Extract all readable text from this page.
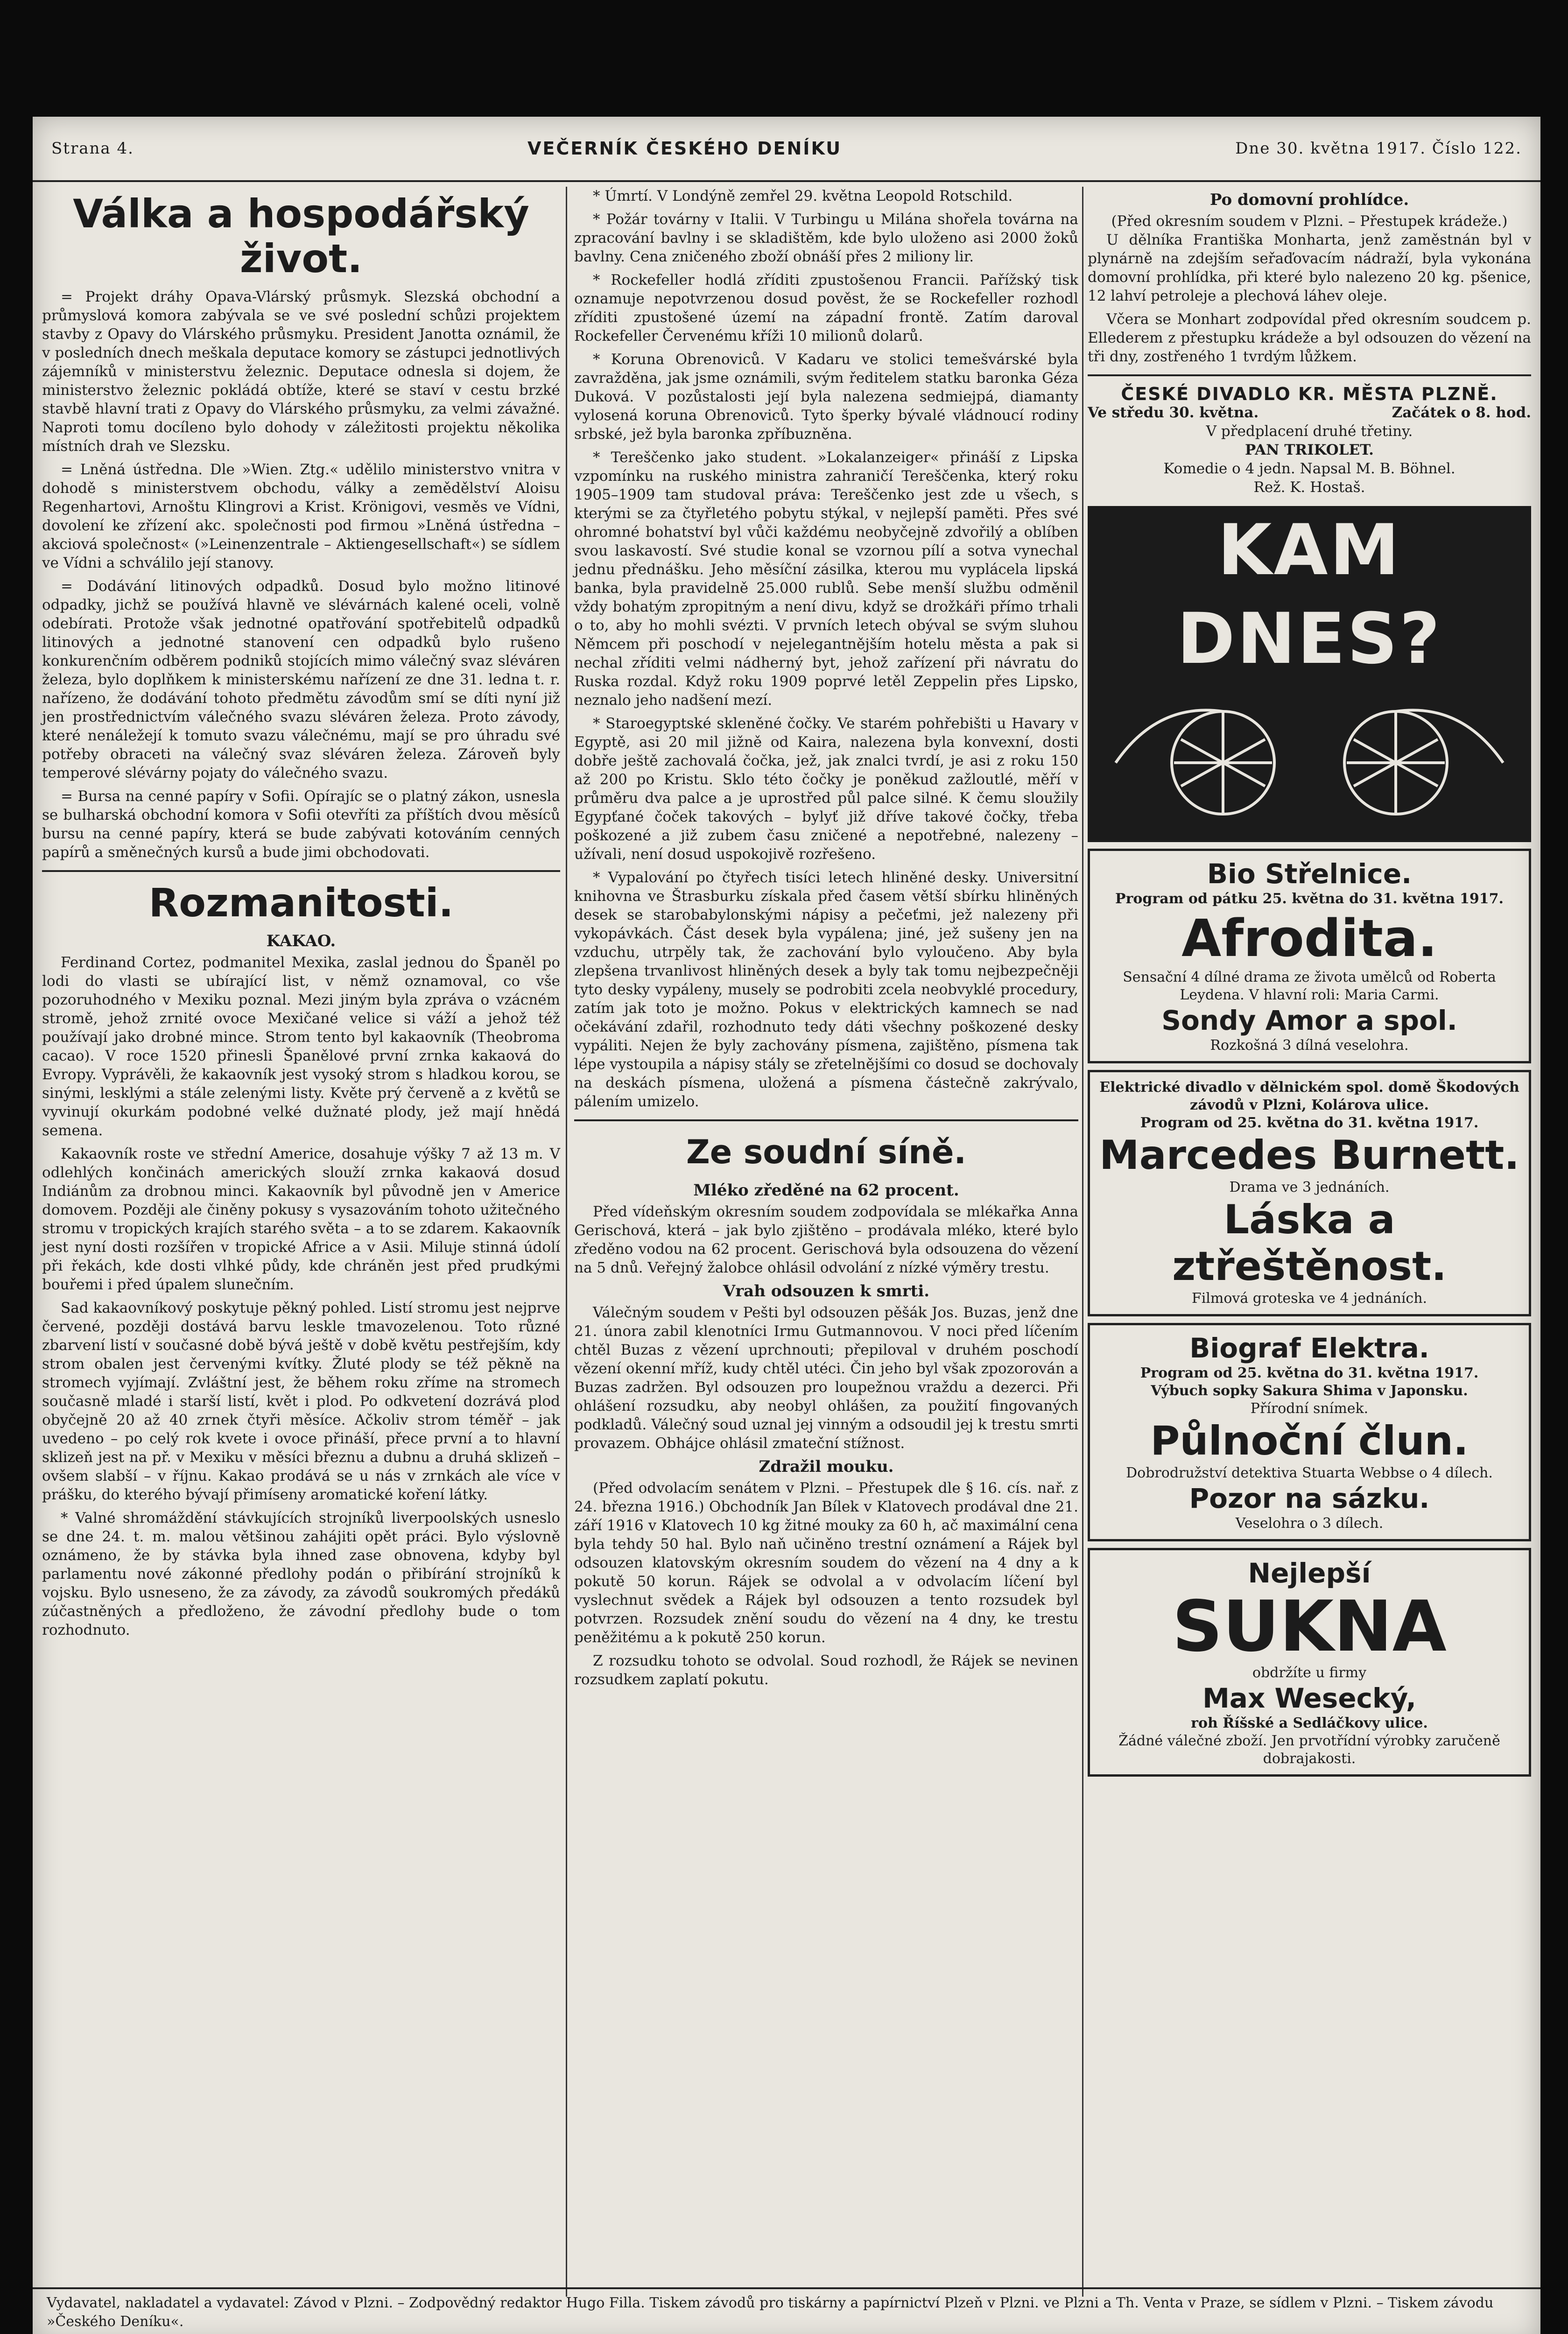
Strana 4.	VEČERNÍK ČESKÉHO DENÍKU	Dne 30. května 1917. Číslo 122.
Válka a hospodářský život.

= Projekt dráhy Opava-Vlárský průsmyk. Slezská obchodní a průmyslová komora zabývala se ve své poslední schůzi projektem stavby z Opavy do Vlárského průsmyku. President Janotta oznámil, že v posledních dnech meškala deputace komory se zástupci jednotlivých zájemníků v ministerstvu železnic. Deputace odnesla si dojem, že ministerstvo železnic pokládá obtíže, které se staví v cestu brzké stavbě hlavní trati z Opavy do Vlárského průsmyku, za velmi závažné. Naproti tomu docíleno bylo dohody v záležitosti projektu několika místních drah ve Slezsku.

= Lněná ústředna. Dle »Wien. Ztg.« udělilo ministerstvo vnitra v dohodě s ministerstvem obchodu, války a zemědělství Aloisu Regenhartovi, Arnoštu Klingrovi a Krist. Krönigovi, vesměs ve Vídni, dovolení ke zřízení akc. společnosti pod firmou »Lněná ústředna – akciová společnost« (»Leinenzentrale – Aktiengesellschaft«) se sídlem ve Vídni a schválilo její stanovy.

= Dodávání litinových odpadků. Dosud bylo možno litinové odpadky, jichž se používá hlavně ve slévárnách kalené oceli, volně odebírati. Protože však jednotné opatřování spotřebitelů odpadků litinových a jednotné stanovení cen odpadků bylo rušeno konkurenčním odběrem podniků stojících mimo válečný svaz sléváren železa, bylo doplňkem k ministerskému nařízení ze dne 31. ledna t. r. nařízeno, že dodávání tohoto předmětu závodům smí se díti nyní již jen prostřednictvím válečného svazu sléváren železa. Proto závody, které nenáležejí k tomuto svazu válečnému, mají se pro úhradu své potřeby obraceti na válečný svaz sléváren železa. Zároveň byly temperové slévárny pojaty do válečného svazu.

= Bursa na cenné papíry v Sofii. Opírajíc se o platný zákon, usnesla se bulharská obchodní komora v Sofii otevříti za příštích dvou měsíců bursu na cenné papíry, která se bude zabývati kotováním cenných papírů a směnečných kursů a bude jimi obchodovati.

Rozmanitosti.
KAKAO.

Ferdinand Cortez, podmanitel Mexika, zaslal jednou do Španěl po lodi do vlasti se ubírající list, v němž oznamoval, co vše pozoruhodného v Mexiku poznal. Mezi jiným byla zpráva o vzácném stromě, jehož zrnité ovoce Mexičané velice si váží a jehož též používají jako drobné mince. Strom tento byl kakaovník (Theobroma cacao). V roce 1520 přinesli Španělové první zrnka kakaová do Evropy. Vyprávěli, že kakaovník jest vysoký strom s hladkou korou, se sinými, lesklými a stále zelenými listy. Květe prý červeně a z květů se vyvinují okurkám podobné velké dužnaté plody, jež mají hnědá semena.

Kakaovník roste ve střední Americe, dosahuje výšky 7 až 13 m. V odlehlých končinách amerických slouží zrnka kakaová dosud Indiánům za drobnou minci. Kakaovník byl původně jen v Americe domovem. Později ale činěny pokusy s vysazováním tohoto užitečného stromu v tropických krajích starého světa – a to se zdarem. Kakaovník jest nyní dosti rozšířen v tropické Africe a v Asii. Miluje stinná údolí při řekách, kde dosti vlhké půdy, kde chráněn jest před prudkými bouřemi i před úpalem slunečním.

Sad kakaovníkový poskytuje pěkný pohled. Listí stromu jest nejprve červené, později dostává barvu leskle tmavozelenou. Toto různé zbarvení listí v současné době bývá ještě v době květu pestřejším, kdy strom obalen jest červenými kvítky. Žluté plody se též pěkně na stromech vyjímají. Zvláštní jest, že během roku zříme na stromech současně mladé i starší listí, květ i plod. Po odkvetení dozrává plod obyčejně 20 až 40 zrnek čtyři měsíce. Ačkoliv strom téměř – jak uvedeno – po celý rok kvete i ovoce přináší, přece první a to hlavní sklizeň jest na př. v Mexiku v měsíci březnu a dubnu a druhá sklizeň – ovšem slabší – v říjnu. Kakao prodává se u nás v zrnkách ale více v prášku, do kterého bývají přimíseny aromatické koření látky.

* Valné shromáždění stávkujících strojníků liverpoolských usneslo se dne 24. t. m. malou většinou zahájiti opět práci. Bylo výslovně oznámeno, že by stávka byla ihned zase obnovena, kdyby byl parlamentu nové zákonné předlohy podán o přibírání strojníků k vojsku. Bylo usneseno, že za závody, za závodů soukromých předáků zúčastněných a předloženo, že závodní předlohy bude o tom rozhodnuto.

* Úmrtí. V Londýně zemřel 29. května Leopold Rotschild.

* Požár továrny v Italii. V Turbingu u Milána shořela továrna na zpracování bavlny i se skladištěm, kde bylo uloženo asi 2000 žoků bavlny. Cena zničeného zboží obnáší přes 2 miliony lir.

* Rockefeller hodlá zříditi zpustošenou Francii. Pařížský tisk oznamuje nepotvrzenou dosud pověst, že se Rockefeller rozhodl zříditi zpustošené území na západní frontě. Zatím daroval Rockefeller Červenému kříži 10 milionů dolarů.

* Koruna Obrenoviců. V Kadaru ve stolici temešvárské byla zavražděna, jak jsme oznámili, svým ředitelem statku baronka Géza Duková. V pozůstalosti její byla nalezena sedmiejpá, diamanty vylosená koruna Obrenoviců. Tyto šperky bývalé vládnoucí rodiny srbské, jež byla baronka zpříbuzněna.

* Tereščenko jako student. »Lokalanzeiger« přináší z Lipska vzpomínku na ruského ministra zahraničí Tereščenka, který roku 1905–1909 tam studoval práva: Tereščenko jest zde u všech, s kterými se za čtyřletého pobytu stýkal, v nejlepší paměti. Přes své ohromné bohatství byl vůči každému neobyčejně zdvořilý a oblíben svou laskavostí. Své studie konal se vzornou pílí a sotva vynechal jednu přednášku. Jeho měsíční zásilka, kterou mu vyplácela lipská banka, byla pravidelně 25.000 rublů. Sebe menší službu odměnil vždy bohatým zpropitným a není divu, když se drožkáři přímo trhali o to, aby ho mohli svézti. V prvních letech obýval se svým sluhou Němcem při poschodí v nejelegantnějším hotelu města a pak si nechal zříditi velmi nádherný byt, jehož zařízení při návratu do Ruska rozdal. Když roku 1909 poprvé letěl Zeppelin přes Lipsko, neznalo jeho nadšení mezí.

* Staroegyptské skleněné čočky. Ve starém pohřebišti u Havary v Egyptě, asi 20 mil jižně od Kaira, nalezena byla konvexní, dosti dobře ještě zachovalá čočka, jež, jak znalci tvrdí, je asi z roku 150 až 200 po Kristu. Sklo této čočky je poněkud zažloutlé, měří v průměru dva palce a je uprostřed půl palce silné. K čemu sloužily Egypťané čoček takových – bylyť již dříve takové čočky, třeba poškozené a již zubem času zničené a nepotřebné, nalezeny – užívali, není dosud uspokojivě rozřešeno.

* Vypalování po čtyřech tisíci letech hliněné desky. Universitní knihovna ve Štrasburku získala před časem větší sbírku hliněných desek se starobabylonskými nápisy a pečeťmi, jež nalezeny při vykopávkách. Část desek byla vypálena; jiné, jež sušeny jen na vzduchu, utrpěly tak, že zachování bylo vyloučeno. Aby byla zlepšena trvanlivost hliněných desek a byly tak tomu nejbezpečněji tyto desky vypáleny, musely se podrobiti zcela neobvyklé procedury, zatím jak toto je možno. Pokus v elektrických kamnech se nad očekávání zdařil, rozhodnuto tedy dáti všechny poškozené desky vypáliti. Nejen že byly zachovány písmena, zajištěno, písmena tak lépe vystoupila a nápisy stály se zřetelnějšími co dosud se dochovaly na deskách písmena, uložená a písmena částečně zakrývalo, pálením umizelo.

Ze soudní síně.
Mléko zředěné na 62 procent.

Před vídeňským okresním soudem zodpovídala se mlékařka Anna Gerischová, která – jak bylo zjištěno – prodávala mléko, které bylo zředěno vodou na 62 procent. Gerischová byla odsouzena do vězení na 5 dnů. Veřejný žalobce ohlásil odvolání z nízké výměry trestu.

Vrah odsouzen k smrti.

Válečným soudem v Pešti byl odsouzen pěšák Jos. Buzas, jenž dne 21. února zabil klenotníci Irmu Gutmannovou. V noci před líčením chtěl Buzas z vězení uprchnouti; přepiloval v druhém poschodí vězení okenní mříž, kudy chtěl utéci. Čin jeho byl však zpozorován a Buzas zadržen. Byl odsouzen pro loupežnou vraždu a dezerci. Při ohlášení rozsudku, aby neobyl ohlášen, za použití fingovaných podkladů. Válečný soud uznal jej vinným a odsoudil jej k trestu smrti provazem. Obhájce ohlásil zmateční stížnost.

Zdražil mouku.

(Před odvolacím senátem v Plzni. – Přestupek dle § 16. cís. nař. z 24. března 1916.) Obchodník Jan Bílek v Klatovech prodával dne 21. září 1916 v Klatovech 10 kg žitné mouky za 60 h, ač maximální cena byla tehdy 50 hal. Bylo naň učiněno trestní oznámení a Rájek byl odsouzen klatovským okresním soudem do vězení na 4 dny a k pokutě 50 korun. Rájek se odvolal a v odvolacím líčení byl vyslechnut svědek a Rájek byl odsouzen a tento rozsudek byl potvrzen. Rozsudek znění soudu do vězení na 4 dny, ke trestu peněžitému a k pokutě 250 korun.

Z rozsudku tohoto se odvolal. Soud rozhodl, že Rájek se nevinen rozsudkem zaplatí pokutu.

Po domovní prohlídce.
(Před okresním soudem v Plzni. – Přestupek krádeže.)

U dělníka Františka Monharta, jenž zaměstnán byl v plynárně na zdejším seřaďovacím nádraží, byla vykonána domovní prohlídka, při které bylo nalezeno 20 kg. pšenice, 12 lahví petroleje a plechová láhev oleje.

Včera se Monhart zodpovídal před okresním soudcem p. Ellederem z přestupku krádeže a byl odsouzen do vězení na tři dny, zostřeného 1 tvrdým lůžkem.

ČESKÉ DIVADLO KR. MĚSTA PLZNĚ.
Ve středu 30. května.	Začátek o 8. hod.
V předplacení druhé třetiny.
PAN TRIKOLET.
Komedie o 4 jedn. Napsal M. B. Böhnel.
Rež. K. Hostaš.
KAM DNES?
Bio Střelnice.
Program od pátku 25. května do 31. května 1917.
Afrodita.
Sensační 4 dílné drama ze života umělců od Roberta Leydena. V hlavní roli: Maria Carmi.
Sondy Amor a spol.
Rozkošná 3 dílná veselohra.
Elektrické divadlo v dělnickém spol. domě Škodových závodů v Plzni, Kolárova ulice.
Program od 25. května do 31. května 1917.
Marcedes Burnett.
Drama ve 3 jednáních.
Láska a ztřeštěnost.
Filmová groteska ve 4 jednáních.
Biograf Elektra.
Program od 25. května do 31. května 1917.
Výbuch sopky Sakura Shima v Japonsku.
Přírodní snímek.
Půlnoční člun.
Dobrodružství detektiva Stuarta Webbse o 4 dílech.
Pozor na sázku.
Veselohra o 3 dílech.
Nejlepší
SUKNA
obdržíte u firmy
Max Wesecký,
roh Říšské a Sedláčkovy ulice.
Žádné válečné zboží. Jen prvotřídní výrobky zaručeně dobrajakosti.
Vydavatel, nakladatel a vydavatel: Závod v Plzni. – Zodpovědný redaktor Hugo Filla. Tiskem závodů pro tiskárny a papírnictví Plzeň v Plzni. ve Plzni a Th. Venta v Praze, se sídlem v Plzni. – Tiskem závodu »Českého Deníku«.
